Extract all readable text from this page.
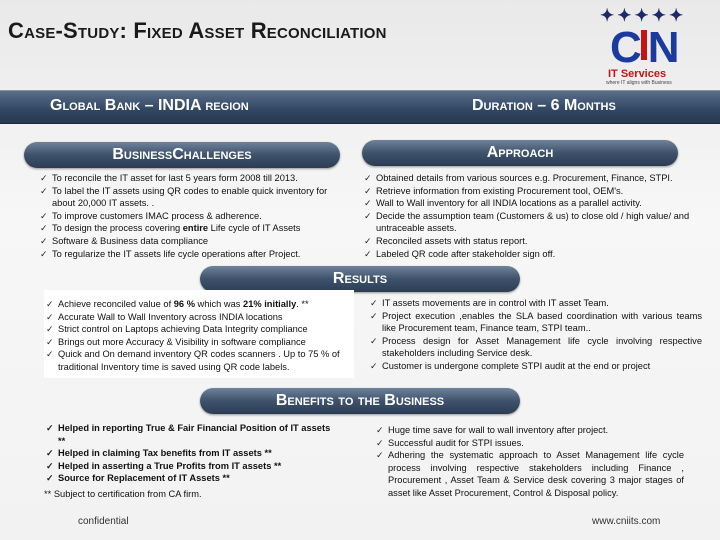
Case-Study: Fixed Asset Reconciliation
✦✦✦✦✦
C N
IT Services
where IT aligns with Business
Global Bank – INDIA region	Duration – 6 Months
BusinessChallenges
✓ To reconcile the IT asset for last 5 years form 2008 till 2013.
✓ To label the IT assets using QR codes to enable quick inventory for about 20,000 IT assets. .
✓ To improve customers IMAC process & adherence.
✓ To design the process covering entire Life cycle of IT Assets
✓ Software & Business data compliance
✓ To regularize the IT assets life cycle operations after Project.
Approach
✓ Obtained details from various sources e.g. Procurement, Finance, STPI.
✓ Retrieve information from existing Procurement tool, OEM's.
✓ Wall to Wall inventory for all INDIA locations as a parallel activity.
✓ Decide the assumption team (Customers & us) to close old / high value/ and untraceable assets.
✓ Reconciled assets with status report.
✓ Labeled QR code after stakeholder sign off.
Results
✓ Achieve reconciled value of 96 % which was 21% initially. **
✓ Accurate Wall to Wall Inventory across INDIA locations
✓ Strict control on Laptops achieving Data Integrity compliance
✓ Brings out more Accuracy & Visibility in software compliance
✓ Quick and On demand inventory QR codes scanners . Up to 75 % of traditional Inventory time is saved using QR code labels.
✓ IT assets movements are in control with IT asset Team.
✓ Project execution ,enables the SLA based coordination with various teams like Procurement team, Finance team, STPI team..
✓ Process design for Asset Management life cycle involving respective stakeholders including Service desk.
✓ Customer is undergone complete STPI audit at the end or project
Benefits to the Business
✓ Helped in reporting True & Fair Financial Position of IT assets **
✓ Helped in claiming Tax benefits from IT assets **
✓ Helped in asserting a True Profits from IT assets **
✓ Source for Replacement of IT Assets **
** Subject to certification from CA firm.
✓ Huge time save for wall to wall inventory after project.
✓ Successful audit for STPI issues.
✓ Adhering the systematic approach to Asset Management life cycle process involving respective stakeholders including Finance , Procurement , Asset Team & Service desk covering 3 major stages of asset like Asset Procurement, Control & Disposal policy.
confidential	www.cniits.com
